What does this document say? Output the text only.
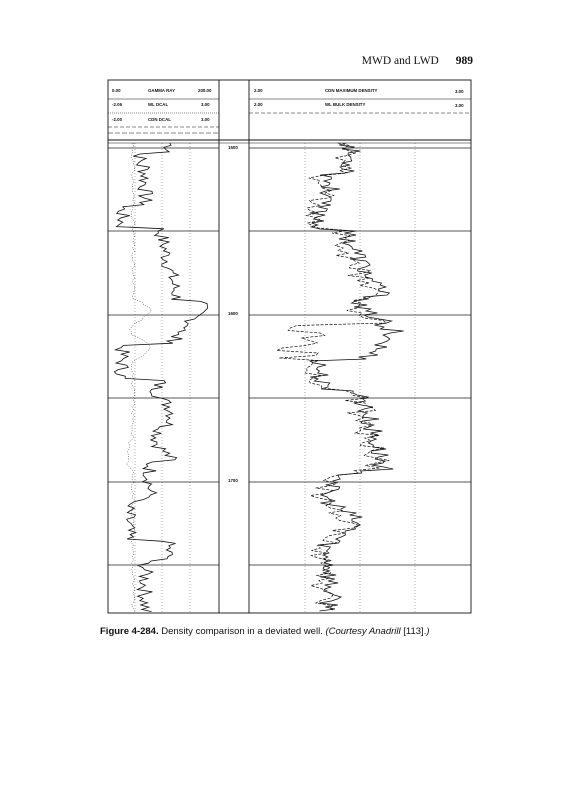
MWD and LWD 989
0.00	GAMMA RAY	200.00
-2.06	WL DCAL	3.00
-2.00	CDN DCAL	3.00
2.00	CDN MAXIMUM DENSITY	3.00
2.00	WL BULK DENSITY	3.00
1500
1600
1700
Figure 4-284. Density comparison in a deviated well. (Courtesy Anadrill [113].)
